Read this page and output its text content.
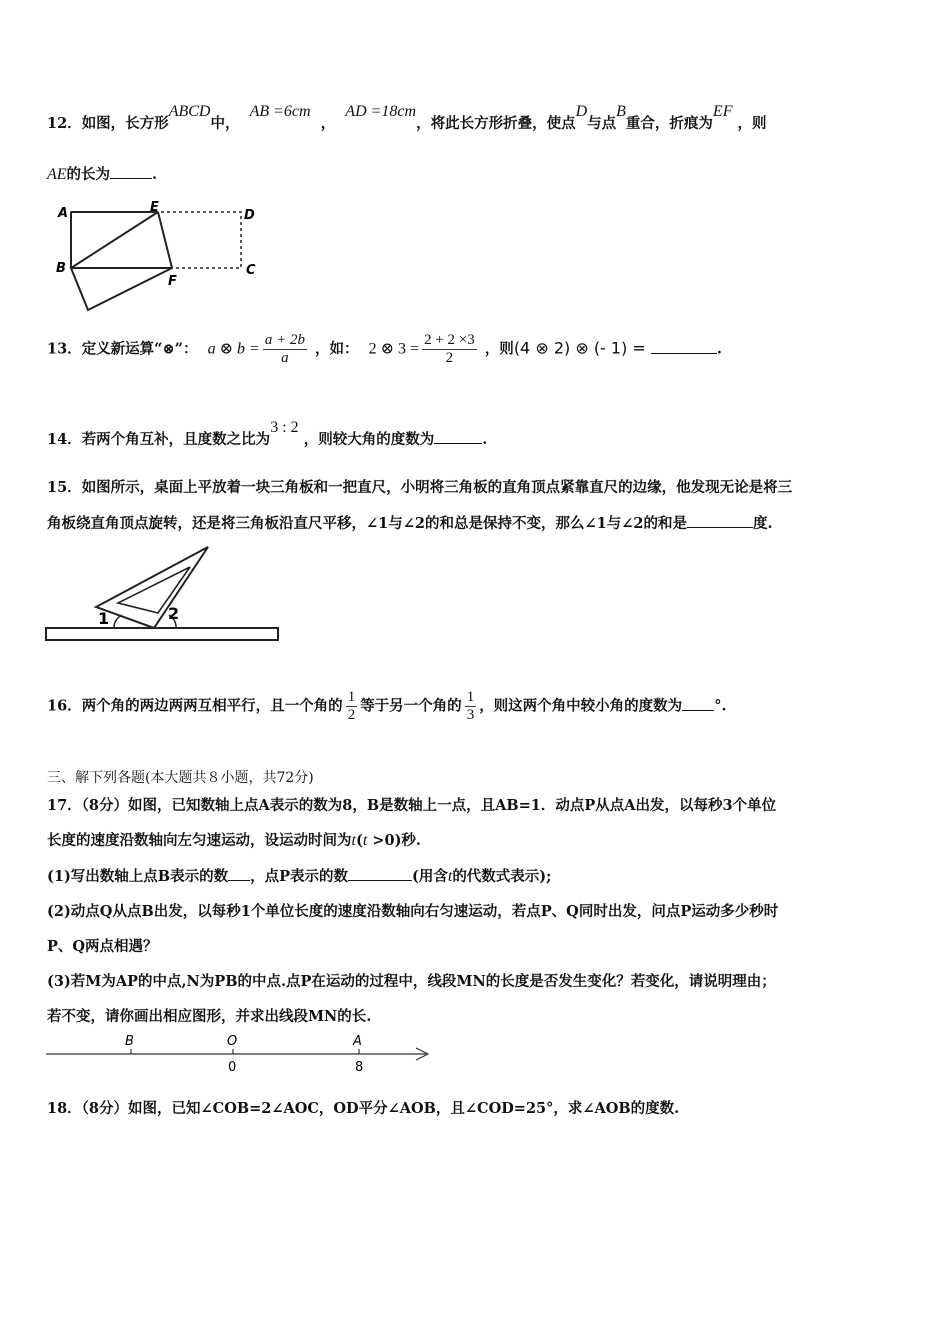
12．如图，长方形ABCD中，  AB =6cm  ，  AD =18cm，将此长方形折叠，使点D与点B重合，折痕为EF ，则
AE的长为	.
A	E
D
B
F
C
13．定义新运算“⊗”： a ⊗ $b = \frac{a + 2b}{a}$ ，如： 2 ⊗ $3 = \frac{2 + 2 \times 3}{2}$ ，则(4 ⊗ 2) ⊗ (- 1) =	.
14．若两个角互补，且度数之比为3 : 2 ，则较大角的度数为	.
15．如图所示，桌面上平放着一块三角板和一把直尺，小明将三角板的直角顶点紧靠直尺的边缘，他发现无论是将三
角板绕直角顶点旋转，还是将三角板沿直尺平移，∠1与∠2的和总是保持不变，那么∠1与∠2的和是	度.
1	2
16．两个角的两边两两互相平行，且一个角的 $\frac{1}{2}$ 等于另一个角的 $\frac{1}{3}$ ，则这两个角中较小角的度数为 °.
三、解下列各题(本大题共８小题，共72分)
17．（8分）如图，已知数轴上点A表示的数为8，B是数轴上一点，且AB=1．动点P从点A出发，以每秒3个单位
长度的速度沿数轴向左匀速运动，设运动时间为t(t >0)秒.
(1)写出数轴上点B表示的数 ，点P表示的数	(用含t的代数式表示);
(2)动点Q从点B出发，以每秒1个单位长度的速度沿数轴向右匀速运动，若点P、Q同时出发，问点P运动多少秒时
P、Q两点相遇？
(3)若M为AP的中点,N为PB的中点.点P在运动的过程中，线段MN的长度是否发生变化？若变化，请说明理由；
若不变，请你画出相应图形，并求出线段MN的长.
B	O	A
0	8
18．（8分）如图，已知∠COB=2∠AOC，OD平分∠AOB，且∠COD=25°，求∠AOB的度数.
